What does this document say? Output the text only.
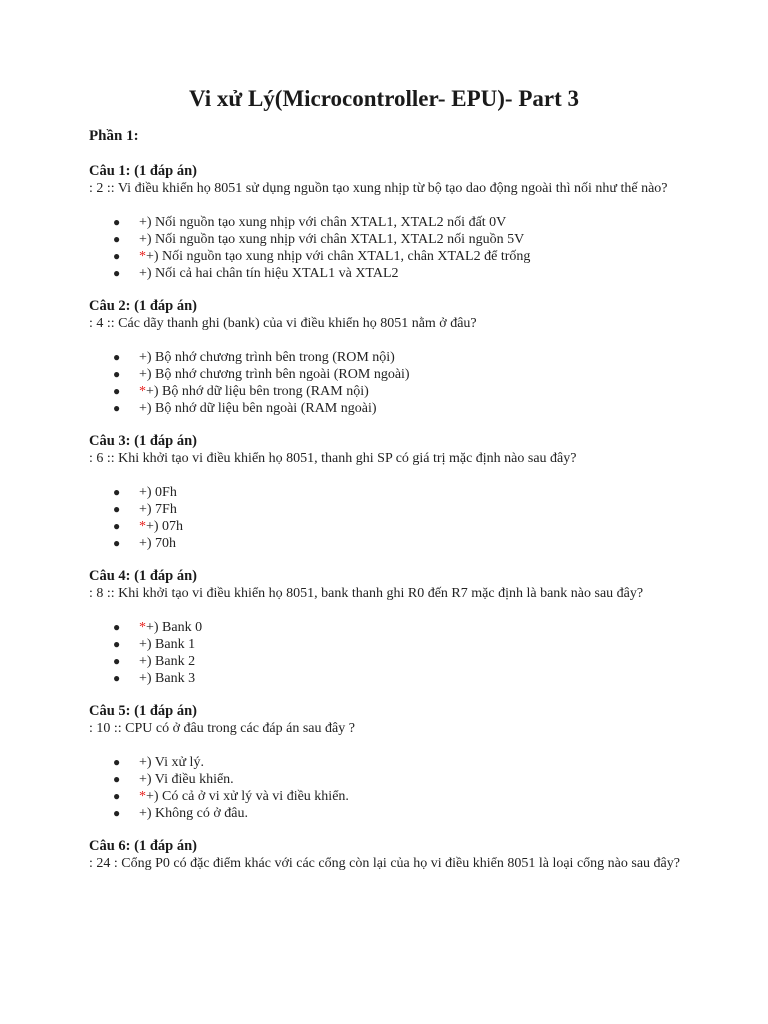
Vi xử Lý(Microcontroller- EPU)- Part 3

Phần 1:

Câu 1: (1 đáp án)

: 2 :: Vi điều khiển họ 8051 sử dụng nguồn tạo xung nhịp từ bộ tạo dao động ngoài thì nối như thế nào?

● +) Nối nguồn tạo xung nhịp với chân XTAL1, XTAL2 nối đất 0V
● +) Nối nguồn tạo xung nhịp với chân XTAL1, XTAL2 nối nguồn 5V
● *+) Nối nguồn tạo xung nhịp với chân XTAL1, chân XTAL2 để trống
● +) Nối cả hai chân tín hiệu XTAL1 và XTAL2

Câu 2: (1 đáp án)

: 4 :: Các dãy thanh ghi (bank) của vi điều khiển họ 8051 nằm ở đâu?

● +) Bộ nhớ chương trình bên trong (ROM nội)
● +) Bộ nhớ chương trình bên ngoài (ROM ngoài)
● *+) Bộ nhớ dữ liệu bên trong (RAM nội)
● +) Bộ nhớ dữ liệu bên ngoài (RAM ngoài)

Câu 3: (1 đáp án)

: 6 :: Khi khởi tạo vi điều khiển họ 8051, thanh ghi SP có giá trị mặc định nào sau đây?

● +) 0Fh
● +) 7Fh
● *+) 07h
● +) 70h

Câu 4: (1 đáp án)

: 8 :: Khi khởi tạo vi điều khiển họ 8051, bank thanh ghi R0 đến R7 mặc định là bank nào sau đây?

● *+) Bank 0
● +) Bank 1
● +) Bank 2
● +) Bank 3

Câu 5: (1 đáp án)

: 10 :: CPU có ở đâu trong các đáp án sau đây ?

● +) Vi xử lý.
● +) Vi điều khiển.
● *+) Có cả ở vi xử lý và vi điều khiển.
● +) Không có ở đâu.

Câu 6: (1 đáp án)

: 24 : Cổng P0 có đặc điểm khác với các cổng còn lại của họ vi điều khiển 8051 là loại cổng nào sau đây?
